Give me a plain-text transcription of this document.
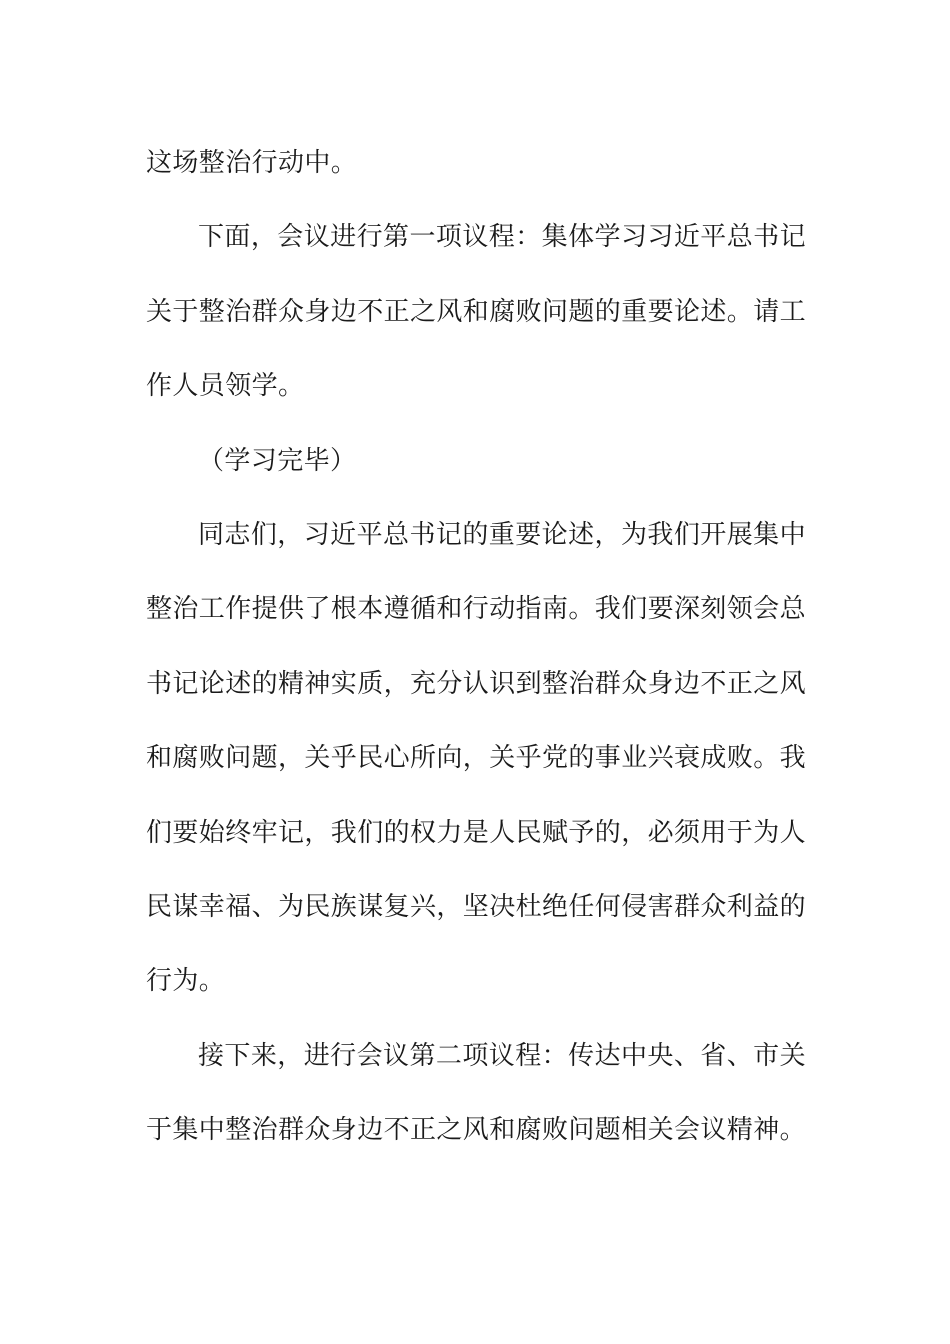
这场整治行动中。

下面，会议进行第一项议程：集体学习习近平总书记关于整治群众身边不正之风和腐败问题的重要论述。请工作人员领学。

（学习完毕）

同志们，习近平总书记的重要论述，为我们开展集中整治工作提供了根本遵循和行动指南。我们要深刻领会总书记论述的精神实质，充分认识到整治群众身边不正之风和腐败问题，关乎民心所向，关乎党的事业兴衰成败。我们要始终牢记，我们的权力是人民赋予的，必须用于为人民谋幸福、为民族谋复兴，坚决杜绝任何侵害群众利益的行为。

接下来，进行会议第二项议程：传达中央、省、市关于集中整治群众身边不正之风和腐败问题相关会议精神。
